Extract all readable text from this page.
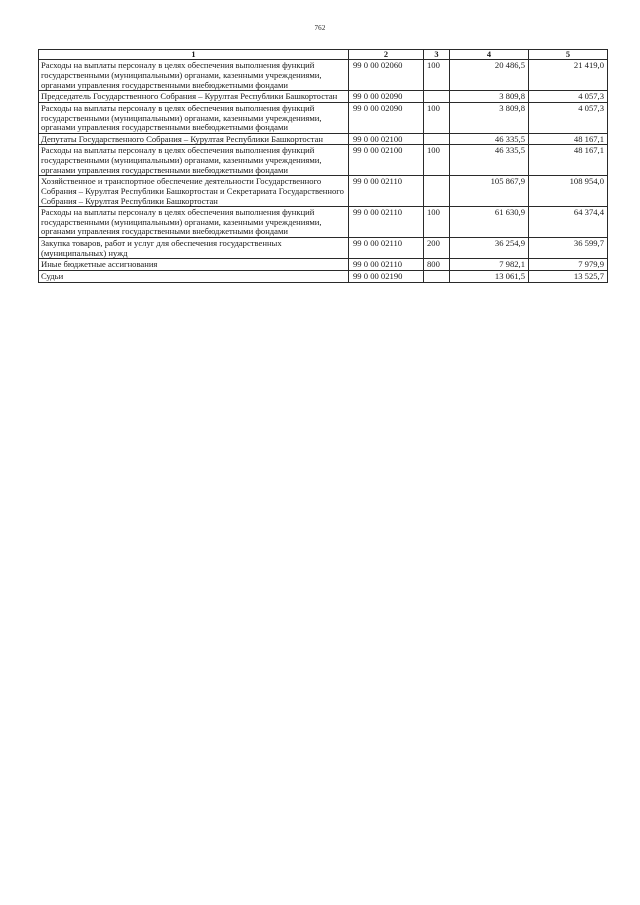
762
1	2	3	4	5
Расходы на выплаты персоналу в целях обеспечения выполнения функций государственными (муниципальными) органами, казенными учреждениями, органами управления государственными внебюджетными фондами	99 0 00 02060	100	20 486,5	21 419,0
Председатель Государственного Собрания – Курултая Республики Башкортостан	99 0 00 02090		3 809,8	4 057,3
Расходы на выплаты персоналу в целях обеспечения выполнения функций государственными (муниципальными) органами, казенными учреждениями, органами управления государственными внебюджетными фондами	99 0 00 02090	100	3 809,8	4 057,3
Депутаты Государственного Собрания – Курултая Республики Башкортостан	99 0 00 02100		46 335,5	48 167,1
Расходы на выплаты персоналу в целях обеспечения выполнения функций государственными (муниципальными) органами, казенными учреждениями, органами управления государственными внебюджетными фондами	99 0 00 02100	100	46 335,5	48 167,1
Хозяйственное и транспортное обеспечение деятельности Государственного Собрания – Курултая Республики Башкортостан и Секретариата Государственного Собрания – Курултая Республики Башкортостан	99 0 00 02110		105 867,9	108 954,0
Расходы на выплаты персоналу в целях обеспечения выполнения функций государственными (муниципальными) органами, казенными учреждениями, органами управления государственными внебюджетными фондами	99 0 00 02110	100	61 630,9	64 374,4
Закупка товаров, работ и услуг для обеспечения государственных (муниципальных) нужд	99 0 00 02110	200	36 254,9	36 599,7
Иные бюджетные ассигнования	99 0 00 02110	800	7 982,1	7 979,9
Судьи	99 0 00 02190		13 061,5	13 525,7
